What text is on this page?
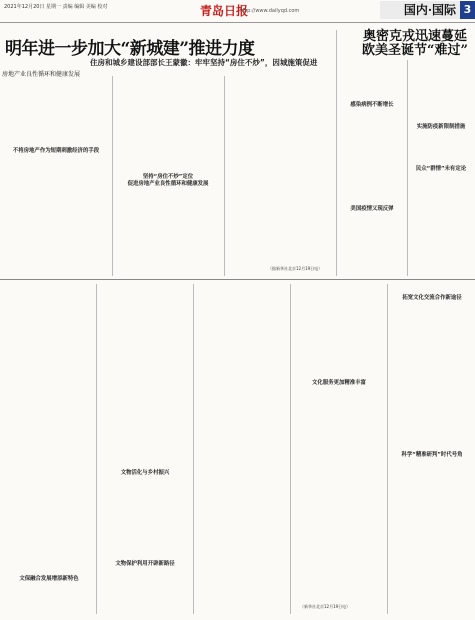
2021年12月20日 星期一 责编 编辑 美编 校对	青岛日报
http://www.dailyqd.com	国内·国际 3
明年进一步加大“新城建”推进力度
住房和城乡建设部部长王蒙徽：牢牢坚持“房住不炒”，因城施策促进
房地产业良性循环和健康发展
不将房地产作为短期刺激经济的手段
坚持“房住不炒”定位
促进房地产业良性循环和健康发展
（据新华社北京12月19日电）
奥密克戎迅速蔓延
欧美圣诞节“难过”
感染病例不断增长
美国疫情又现反弹
实施防疫新限制措施
民众“群情”未有定论
文保融合发展增添新特色
文物活化与乡村振兴
文物保护利用开辟新路径
文化服务更加精准丰富
（新华社北京12月19日电）
拓宽文化交流合作新途径
科学“精准研判”时代号角
